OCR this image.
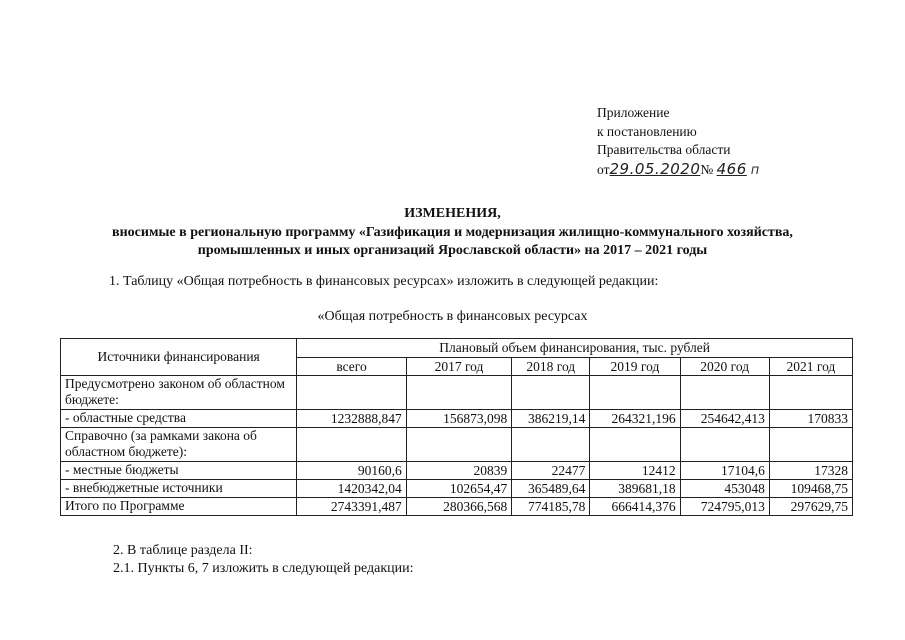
Приложение
к постановлению
Правительства области
от29.05.2020№ 466 п
ИЗМЕНЕНИЯ,
вносимые в региональную программу «Газификация и модернизация жилищно-коммунального хозяйства,
промышленных и иных организаций Ярославской области» на 2017 – 2021 годы
1. Таблицу «Общая потребность в финансовых ресурсах» изложить в следующей редакции:
«Общая потребность в финансовых ресурсах
Источники финансирования	Плановый объем финансирования, тыс. рублей					
	всего	2017 год	2018 год	2019 год	2020 год	2021 год
Предусмотрено законом об областном бюджете:						
- областные средства	1232888,847	156873,098	386219,14	264321,196	254642,413	170833
Справочно (за рамками закона об областном бюджете):						
- местные бюджеты	90160,6	20839	22477	12412	17104,6	17328
- внебюджетные источники	1420342,04	102654,47	365489,64	389681,18	453048	109468,75
Итого по Программе	2743391,487	280366,568	774185,78	666414,376	724795,013	297629,75
2. В таблице раздела II:
2.1. Пункты 6, 7 изложить в следующей редакции:
